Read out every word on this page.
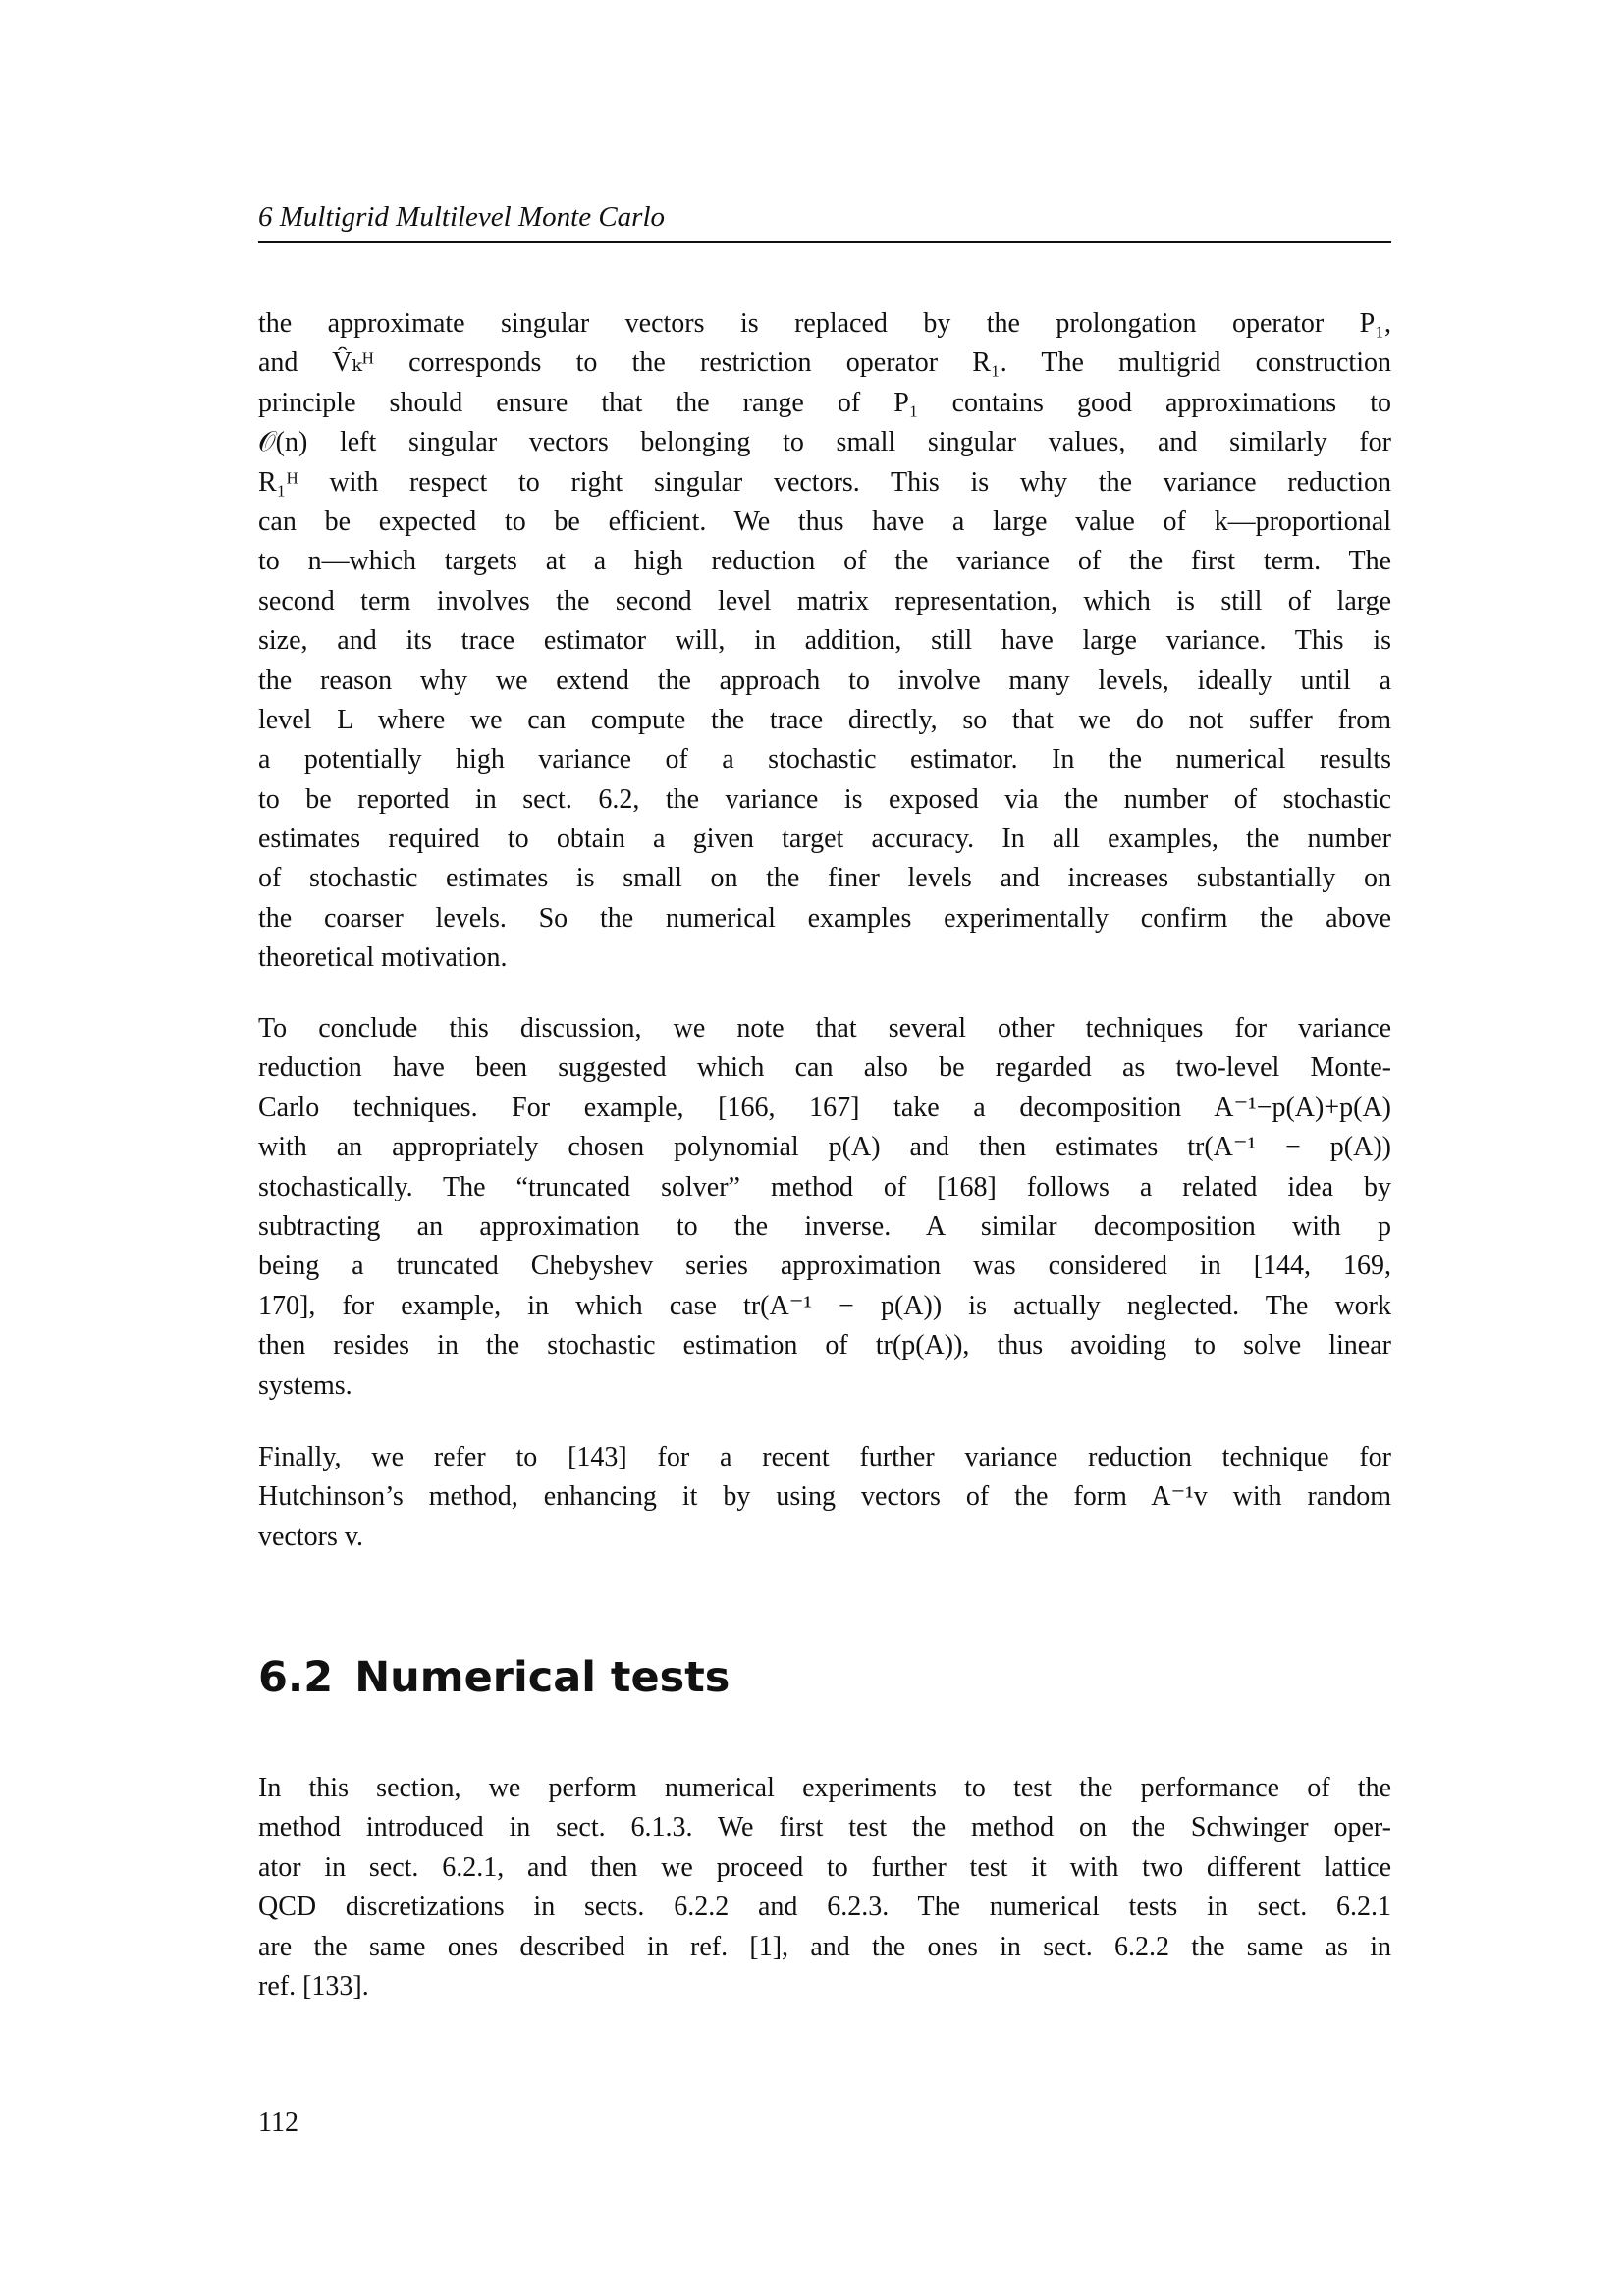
6 Multigrid Multilevel Monte Carlo
the approximate singular vectors is replaced by the prolongation operator P₁,
and V̂ₖᴴ corresponds to the restriction operator R₁. The multigrid construction
principle should ensure that the range of P₁ contains good approximations to
𝒪(n) left singular vectors belonging to small singular values, and similarly for
R₁ᴴ with respect to right singular vectors. This is why the variance reduction
can be expected to be efficient. We thus have a large value of k—proportional
to n—which targets at a high reduction of the variance of the first term. The
second term involves the second level matrix representation, which is still of large
size, and its trace estimator will, in addition, still have large variance. This is
the reason why we extend the approach to involve many levels, ideally until a
level L where we can compute the trace directly, so that we do not suffer from
a potentially high variance of a stochastic estimator. In the numerical results
to be reported in sect. 6.2, the variance is exposed via the number of stochastic
estimates required to obtain a given target accuracy. In all examples, the number
of stochastic estimates is small on the finer levels and increases substantially on
the coarser levels. So the numerical examples experimentally confirm the above
theoretical motivation.
To conclude this discussion, we note that several other techniques for variance
reduction have been suggested which can also be regarded as two-level Monte-
Carlo techniques. For example, [166, 167] take a decomposition A⁻¹−p(A)+p(A)
with an appropriately chosen polynomial p(A) and then estimates tr(A⁻¹ − p(A))
stochastically. The “truncated solver” method of [168] follows a related idea by
subtracting an approximation to the inverse. A similar decomposition with p
being a truncated Chebyshev series approximation was considered in [144, 169,
170], for example, in which case tr(A⁻¹ − p(A)) is actually neglected. The work
then resides in the stochastic estimation of tr(p(A)), thus avoiding to solve linear
systems.
Finally, we refer to [143] for a recent further variance reduction technique for
Hutchinson’s method, enhancing it by using vectors of the form A⁻¹v with random
vectors v.
6.2 Numerical tests
In this section, we perform numerical experiments to test the performance of the
method introduced in sect. 6.1.3. We first test the method on the Schwinger oper-
ator in sect. 6.2.1, and then we proceed to further test it with two different lattice
QCD discretizations in sects. 6.2.2 and 6.2.3. The numerical tests in sect. 6.2.1
are the same ones described in ref. [1], and the ones in sect. 6.2.2 the same as in
ref. [133].
112
